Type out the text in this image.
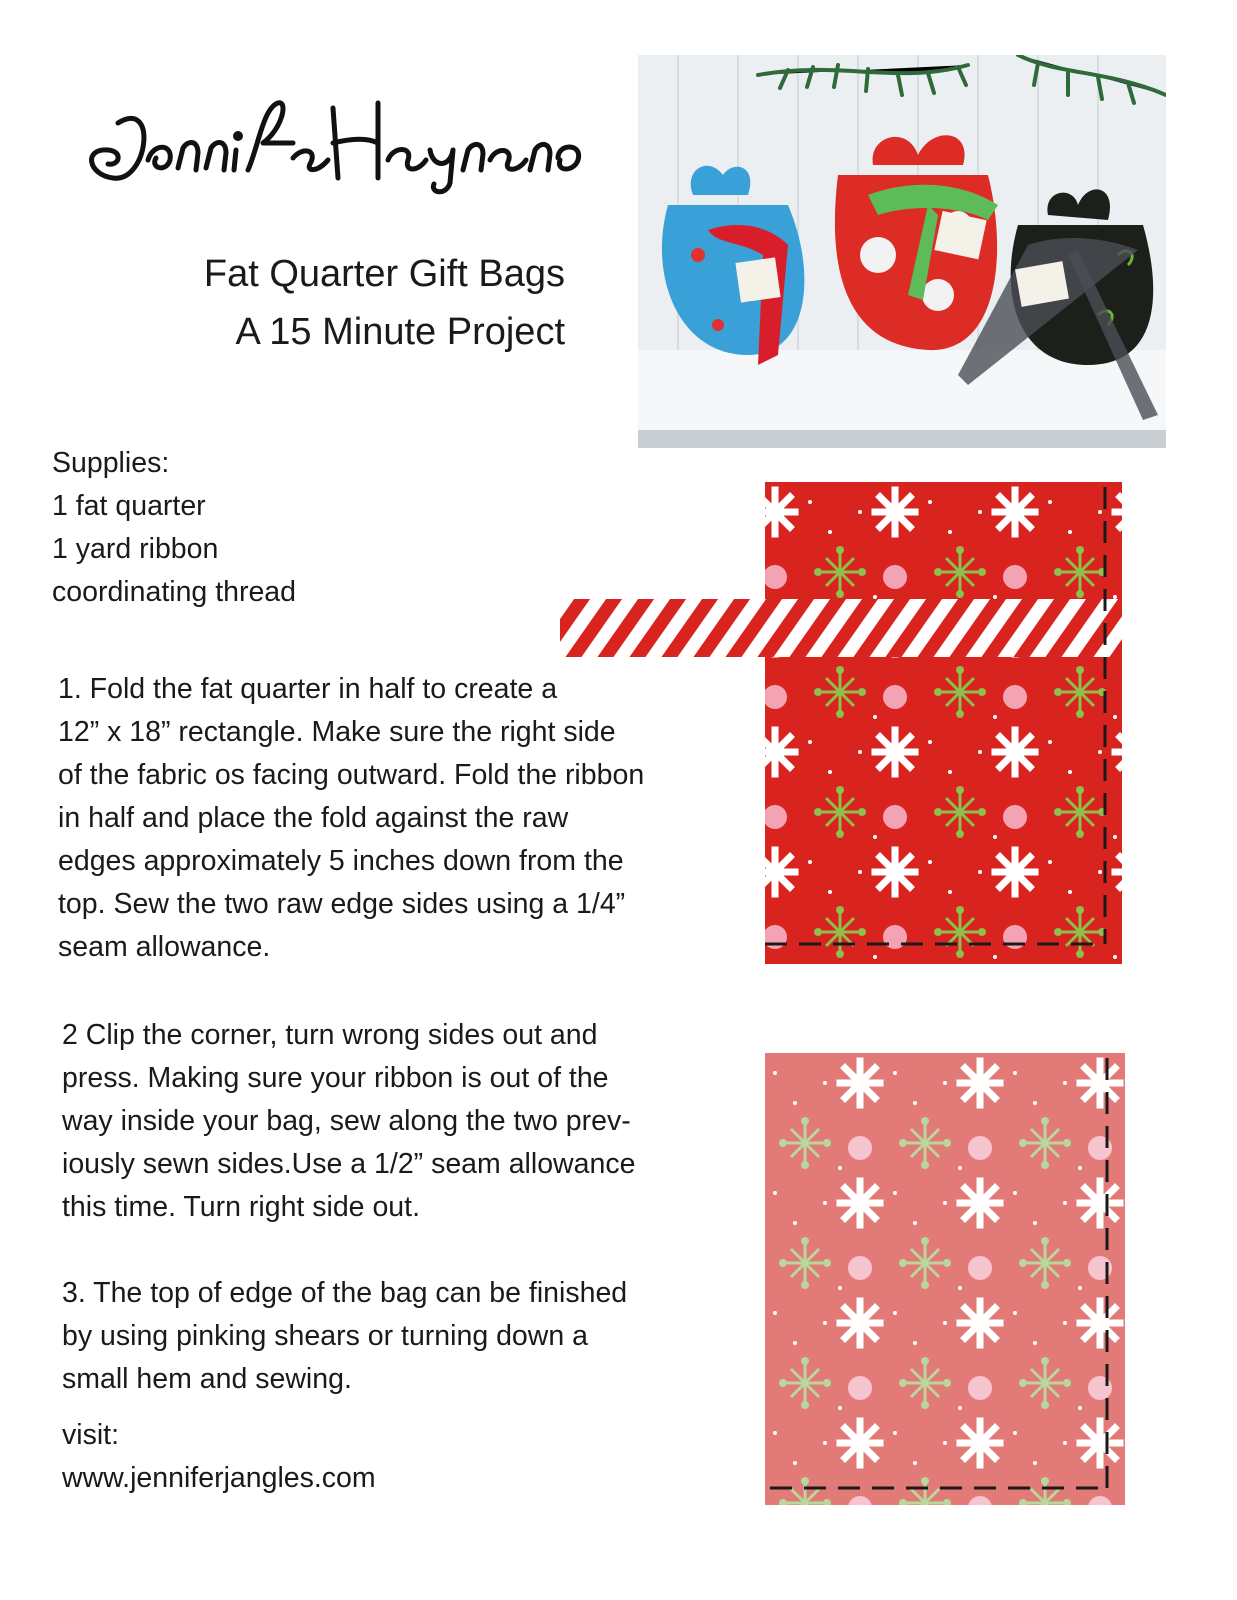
Fat Quarter Gift Bags
A 15 Minute Project
Supplies:
1 fat quarter
1 yard ribbon
coordinating thread
1. Fold the fat quarter in half to create a
12” x 18” rectangle. Make sure the right side
of the fabric os facing outward. Fold the ribbon
in half and place the fold against the raw
edges approximately 5 inches down from the
top. Sew the two raw edge sides using a 1/4”
seam allowance.
2 Clip the corner, turn wrong sides out and
press. Making sure your ribbon is out of the
way inside your bag, sew along the two prev-
iously sewn sides.Use a 1/2” seam allowance
this time. Turn right side out.
3. The top of edge of the bag can be finished
by using pinking shears or turning down a
small hem and sewing.
visit:
www.jenniferjangles.com
